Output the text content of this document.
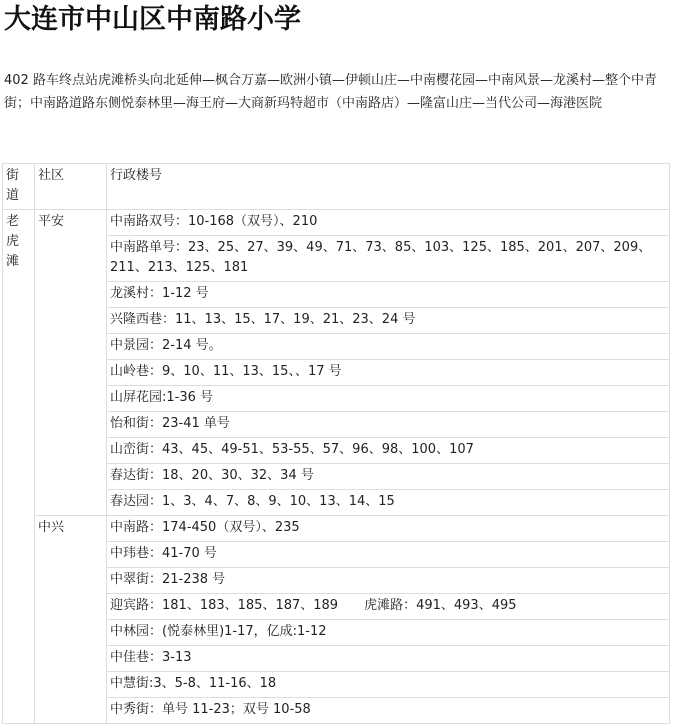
大连市中山区中南路小学
402 路车终点站虎滩桥头向北延伸—枫合万嘉—欧洲小镇—伊顿山庄—中南樱花园—中南风景—龙溪村—整个中青街；中南路道路东侧悦泰林里—海王府—大商新玛特超市（中南路店）—隆富山庄—当代公司—海港医院
街道	社区	行政楼号
老虎滩	平安	中南路双号：10-168（双号）、210
		中南路单号：23、25、27、39、49、71、73、85、103、125、185、201、207、209、211、213、125、181
		龙溪村：1-12 号
		兴隆西巷：11、13、15、17、19、21、23、24 号
		中景园：2-14 号。
		山岭巷：9、10、11、13、15、、17 号
		山屏花园:1-36 号
		怡和街：23-41 单号
		山峦街：43、45、49-51、53-55、57、96、98、100、107
		春达街：18、20、30、32、34 号
		春达园：1、3、4、7、8、9、10、13、14、15
	中兴	中南路：174-450（双号）、235
		中玮巷：41-70 号
		中翠街：21-238 号
		迎宾路：181、183、185、187、189　　虎滩路：491、493、495
		中林园：(悦泰林里)1-17，亿成:1-12
		中佳巷：3-13
		中慧街:3、5-8、11-16、18
		中秀街：单号 11-23；双号 10-58
